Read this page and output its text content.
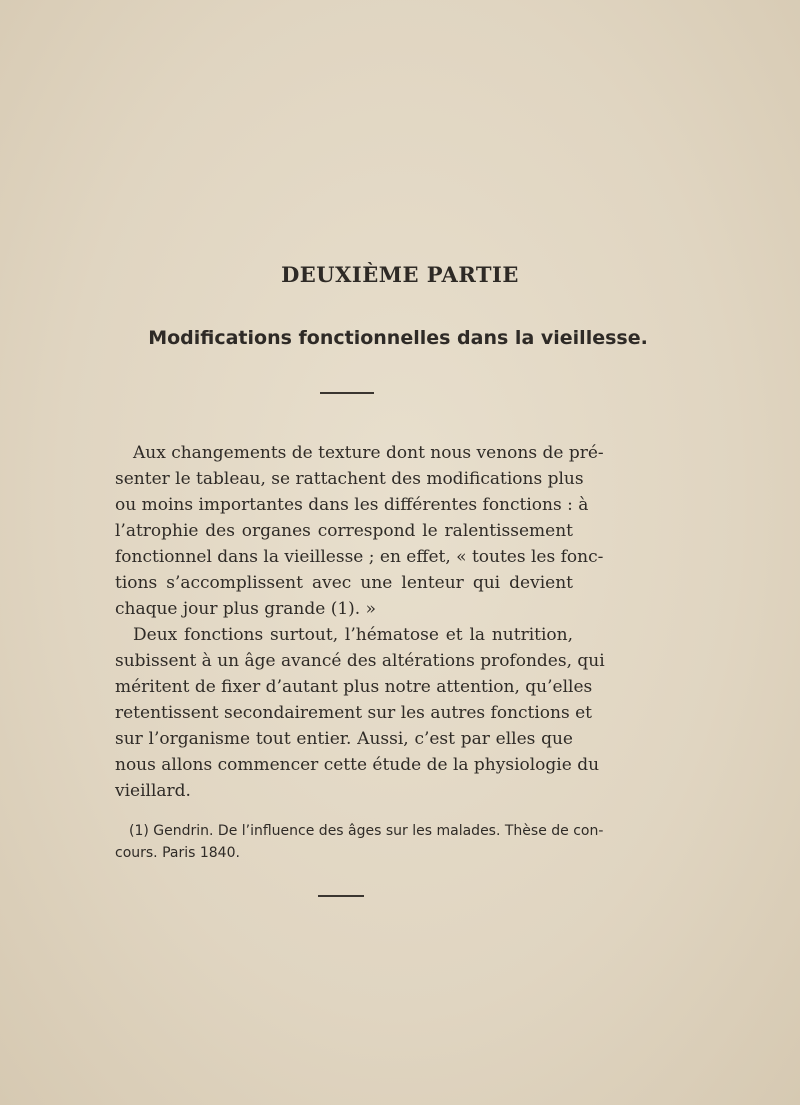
DEUXIÈME PARTIE
Modifications fonctionnelles dans la vieillesse.
Aux changements de texture dont nous venons de pré-
senter le tableau, se rattachent des modifications plus
ou moins importantes dans les différentes fonctions : à
l’atrophie des organes correspond le ralentissement
fonctionnel dans la vieillesse ; en effet, « toutes les fonc-
tions s’accomplissent avec une lenteur qui devient
chaque jour plus grande (1). »
Deux fonctions surtout, l’hématose et la nutrition,
subissent à un âge avancé des altérations profondes, qui
méritent de fixer d’autant plus notre attention, qu’elles
retentissent secondairement sur les autres fonctions et
sur l’organisme tout entier. Aussi, c’est par elles que
nous allons commencer cette étude de la physiologie du
vieillard.
(1) Gendrin. De l’influence des âges sur les malades. Thèse de con-
cours. Paris 1840.
